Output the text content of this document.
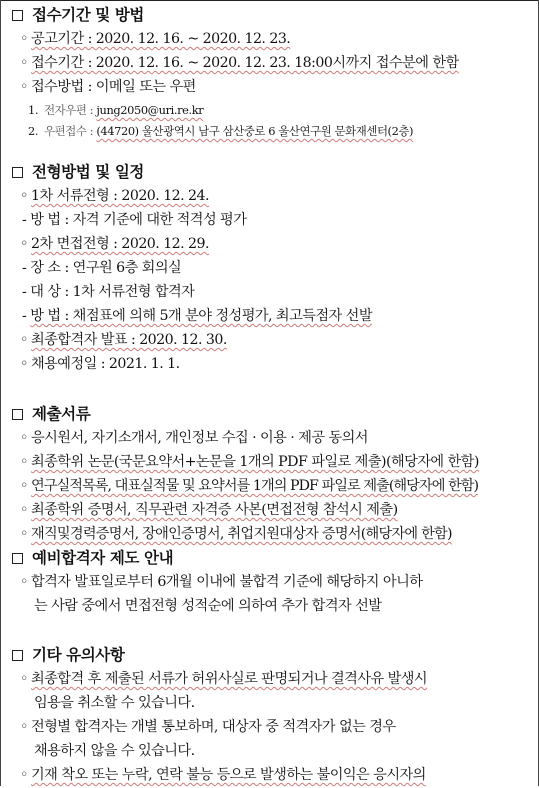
접수기간 및 방법
◦ 공고기간 : 2020. 12. 16. ~ 2020. 12. 23.
◦ 접수기간 : 2020. 12. 16. ~ 2020. 12. 23. 18:00시까지 접수분에 한함
◦ 접수방법 : 이메일 또는 우편
1. 전자우편 : jung2050@uri.re.kr
2. 우편접수 : (44720) 울산광역시 남구 삼산중로 6 울산연구원 문화재센터(2층)
전형방법 및 일정
◦ 1차 서류전형 : 2020. 12. 24.
- 방 법 : 자격 기준에 대한 적격성 평가
◦ 2차 면접전형 : 2020. 12. 29.
- 장 소 : 연구원 6층 회의실
- 대 상 : 1차 서류전형 합격자
- 방 법 : 채점표에 의해 5개 분야 정성평가, 최고득점자 선발
◦ 최종합격자 발표 : 2020. 12. 30.
◦ 채용예정일 : 2021. 1. 1.
제출서류
◦ 응시원서, 자기소개서, 개인정보 수집 · 이용 · 제공 동의서
◦ 최종학위 논문(국문요약서+논문을 1개의 PDF 파일로 제출)(해당자에 한함)
◦ 연구실적목록, 대표실적물 및 요약서를 1개의 PDF 파일로 제출(해당자에 한함)
◦ 최종학위 증명서, 직무관련 자격증 사본(면접전형 참석시 제출)
◦ 재직및경력증명서, 장애인증명서, 취업지원대상자 증명서(해당자에 한함)
예비합격자 제도 안내
◦ 합격자 발표일로부터 6개월 이내에 불합격 기준에 해당하지 아니하
는 사람 중에서 면접전형 성적순에 의하여 추가 합격자 선발
기타 유의사항
◦ 최종합격 후 제출된 서류가 허위사실로 판명되거나 결격사유 발생시
임용을 취소할 수 있습니다.
◦ 전형별 합격자는 개별 통보하며, 대상자 중 적격자가 없는 경우
채용하지 않을 수 있습니다.
◦ 기재 착오 또는 누락, 연락 불능 등으로 발생하는 불이익은 응시자의
